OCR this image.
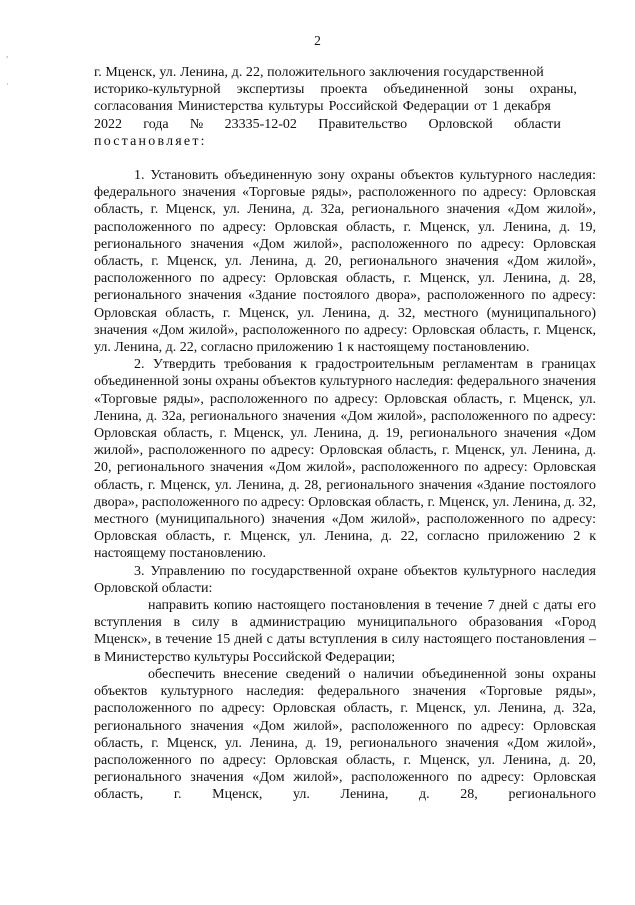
2
,
·
г. Мценск, ул. Ленина, д. 22, положительного заключения государственной
историко-культурной экспертизы проекта объединенной зоны охраны,
согласования Министерства культуры Российской Федерации от 1 декабря
2022   года   №   23335-12-02   Правительство   Орловской   области
постановляет:

1. Установить объединенную зону охраны объектов культурного наследия: федерального значения «Торговые ряды», расположенного по адресу: Орловская область, г. Мценск, ул. Ленина, д. 32а, регионального значения «Дом жилой», расположенного по адресу: Орловская область, г. Мценск, ул. Ленина, д. 19, регионального значения «Дом жилой», расположенного по адресу: Орловская область, г. Мценск, ул. Ленина, д. 20, регионального значения «Дом жилой», расположенного по адресу: Орловская область, г. Мценск, ул. Ленина, д. 28, регионального значения «Здание постоялого двора», расположенного по адресу: Орловская область, г. Мценск, ул. Ленина, д. 32, местного (муниципального) значения «Дом жилой», расположенного по адресу: Орловская область, г. Мценск, ул. Ленина, д. 22, согласно приложению 1 к настоящему постановлению.

2. Утвердить требования к градостроительным регламентам в границах объединенной зоны охраны объектов культурного наследия: федерального значения «Торговые ряды», расположенного по адресу: Орловская область, г. Мценск, ул. Ленина, д. 32а, регионального значения «Дом жилой», расположенного по адресу: Орловская область, г. Мценск, ул. Ленина, д. 19, регионального значения «Дом жилой», расположенного по адресу: Орловская область, г. Мценск, ул. Ленина, д. 20, регионального значения «Дом жилой», расположенного по адресу: Орловская область, г. Мценск, ул. Ленина, д. 28, регионального значения «Здание постоялого двора», расположенного по адресу: Орловская область, г. Мценск, ул. Ленина, д. 32, местного (муниципального) значения «Дом жилой», расположенного по адресу: Орловская область, г. Мценск, ул. Ленина, д. 22, согласно приложению 2 к настоящему постановлению.

3. Управлению по государственной охране объектов культурного наследия Орловской области:

направить копию настоящего постановления в течение 7 дней с даты его вступления в силу в администрацию муниципального образования «Город Мценск», в течение 15 дней с даты вступления в силу настоящего постановления – в Министерство культуры Российской Федерации;

обеспечить внесение сведений о наличии объединенной зоны охраны объектов культурного наследия: федерального значения «Торговые ряды», расположенного по адресу: Орловская область, г. Мценск, ул. Ленина, д. 32а, регионального значения «Дом жилой», расположенного по адресу: Орловская область, г. Мценск, ул. Ленина, д. 19, регионального значения «Дом жилой», расположенного по адресу: Орловская область, г. Мценск, ул. Ленина, д. 20, регионального значения «Дом жилой», расположенного по адресу: Орловская область, г. Мценск, ул. Ленина, д. 28, регионального
